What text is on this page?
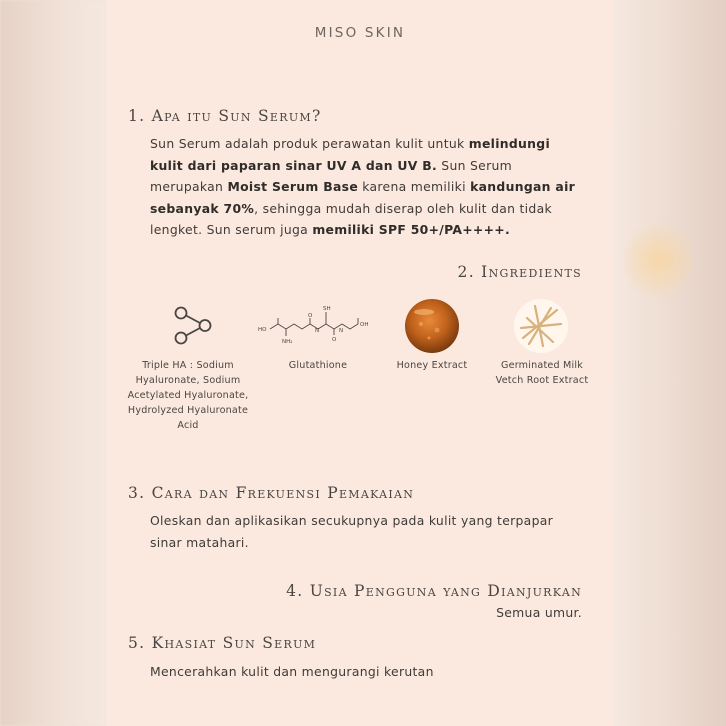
MISO SKIN
1. Apa itu Sun Serum?
Sun Serum adalah produk perawatan kulit untuk melindungi kulit dari paparan sinar UV A dan UV B. Sun Serum merupakan Moist Serum Base karena memiliki kandungan air sebanyak 70%, sehingga mudah diserap oleh kulit dan tidak lengket. Sun serum juga memiliki SPF 50+/PA++++.
2. Ingredients
HO
OH
NH₂
SH
N	N
O
O
Triple HA : Sodium Hyaluronate, Sodium Acetylated Hyaluronate, Hydrolyzed Hyaluronate Acid
Glutathione	Honey Extract	Germinated Milk Vetch Root Extract
3. Cara dan Frekuensi Pemakaian
Oleskan dan aplikasikan secukupnya pada kulit yang terpapar sinar matahari.
4. Usia Pengguna yang Dianjurkan
Semua umur.
5. Khasiat Sun Serum
Mencerahkan kulit dan mengurangi kerutan
